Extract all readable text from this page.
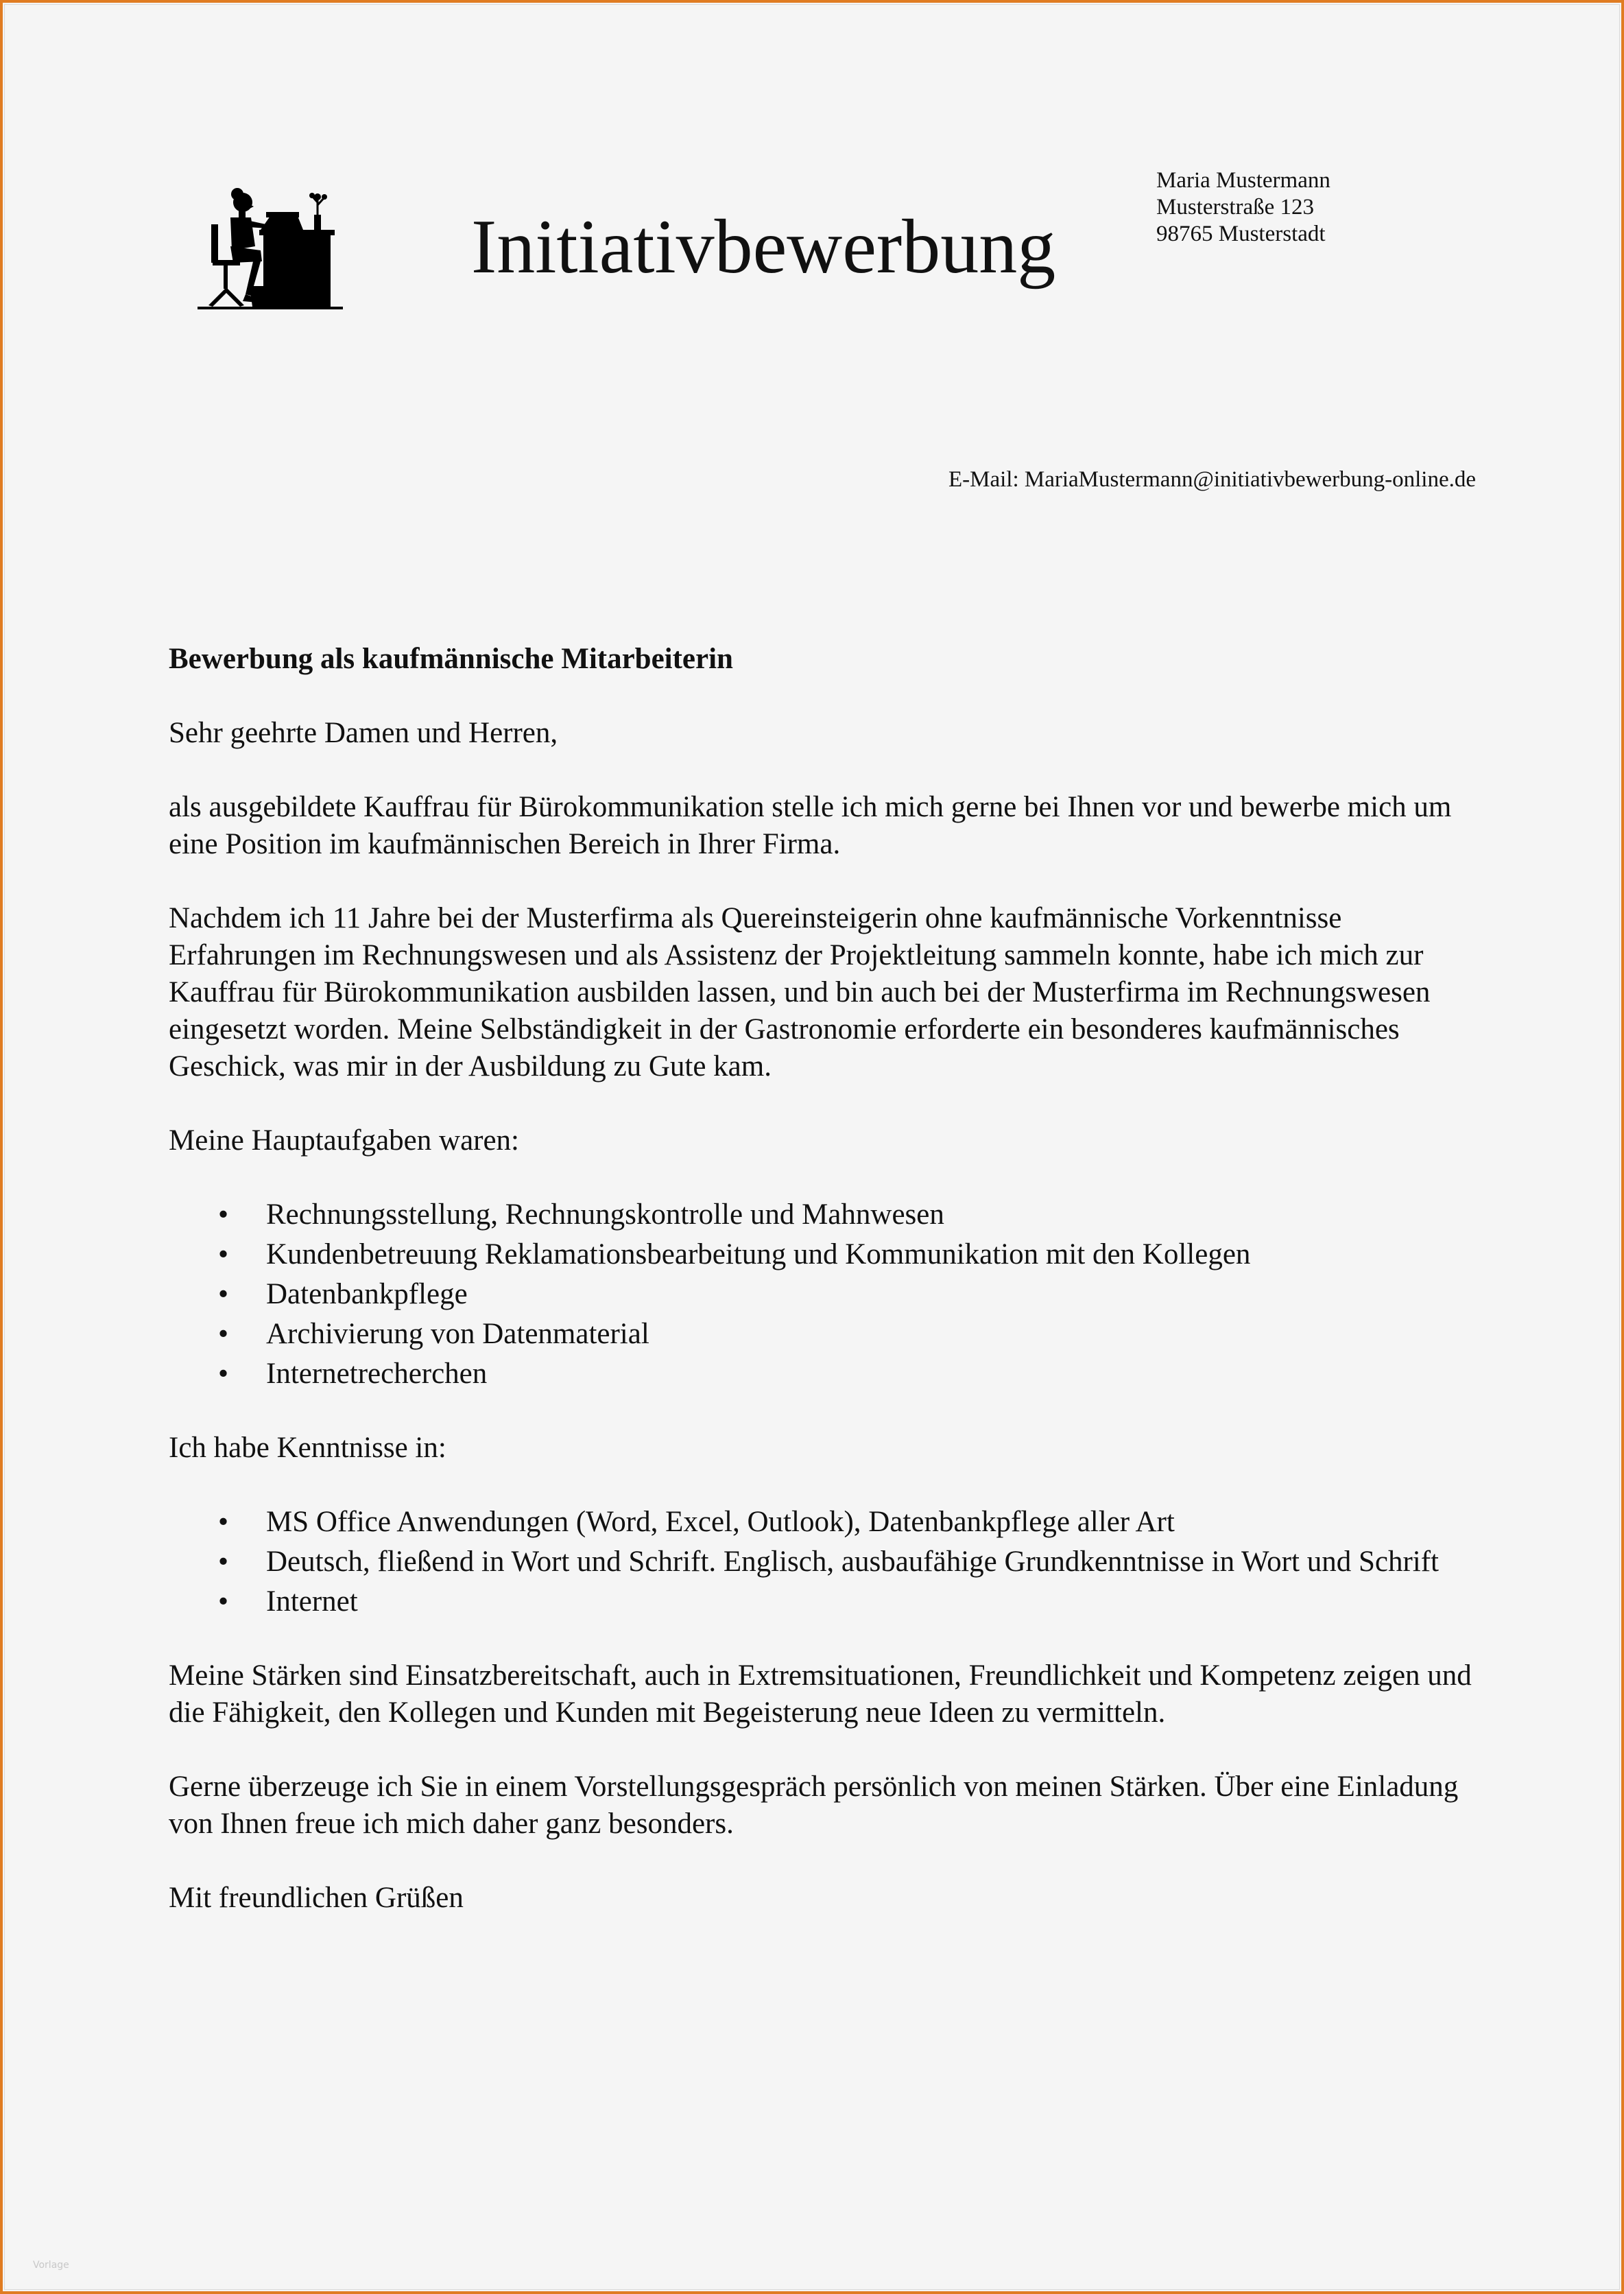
Initiativbewerbung
Maria Mustermann
Musterstraße 123
98765 Musterstadt
E-Mail: MariaMustermann@initiativbewerbung-online.de

Bewerbung als kaufmännische Mitarbeiterin

Sehr geehrte Damen und Herren,

als ausgebildete Kauffrau für Bürokommunikation stelle ich mich gerne bei Ihnen vor und bewerbe mich um eine Position im kaufmännischen Bereich in Ihrer Firma.

Nachdem ich 11 Jahre bei der Musterfirma als Quereinsteigerin ohne kaufmännische Vorkenntnisse Erfahrungen im Rechnungswesen und als Assistenz der Projektleitung sammeln konnte, habe ich mich zur Kauffrau für Bürokommunikation ausbilden lassen, und bin auch bei der Musterfirma im Rechnungswesen eingesetzt worden. Meine Selbständigkeit in der Gastronomie erforderte ein besonderes kaufmännisches Geschick, was mir in der Ausbildung zu Gute kam.

Meine Hauptaufgaben waren:

• Rechnungsstellung, Rechnungskontrolle und Mahnwesen
• Kundenbetreuung Reklamationsbearbeitung und Kommunikation mit den Kollegen
• Datenbankpflege
• Archivierung von Datenmaterial
• Internetrecherchen

Ich habe Kenntnisse in:

• MS Office Anwendungen (Word, Excel, Outlook), Datenbankpflege aller Art
• Deutsch, fließend in Wort und Schrift. Englisch, ausbaufähige Grundkenntnisse in Wort und Schrift
• Internet

Meine Stärken sind Einsatzbereitschaft, auch in Extremsituationen, Freundlichkeit und Kompetenz zeigen und die Fähigkeit, den Kollegen und Kunden mit Begeisterung neue Ideen zu vermitteln.

Gerne überzeuge ich Sie in einem Vorstellungsgespräch persönlich von meinen Stärken. Über eine Einladung von Ihnen freue ich mich daher ganz besonders.

Mit freundlichen Grüßen

Vorlage
